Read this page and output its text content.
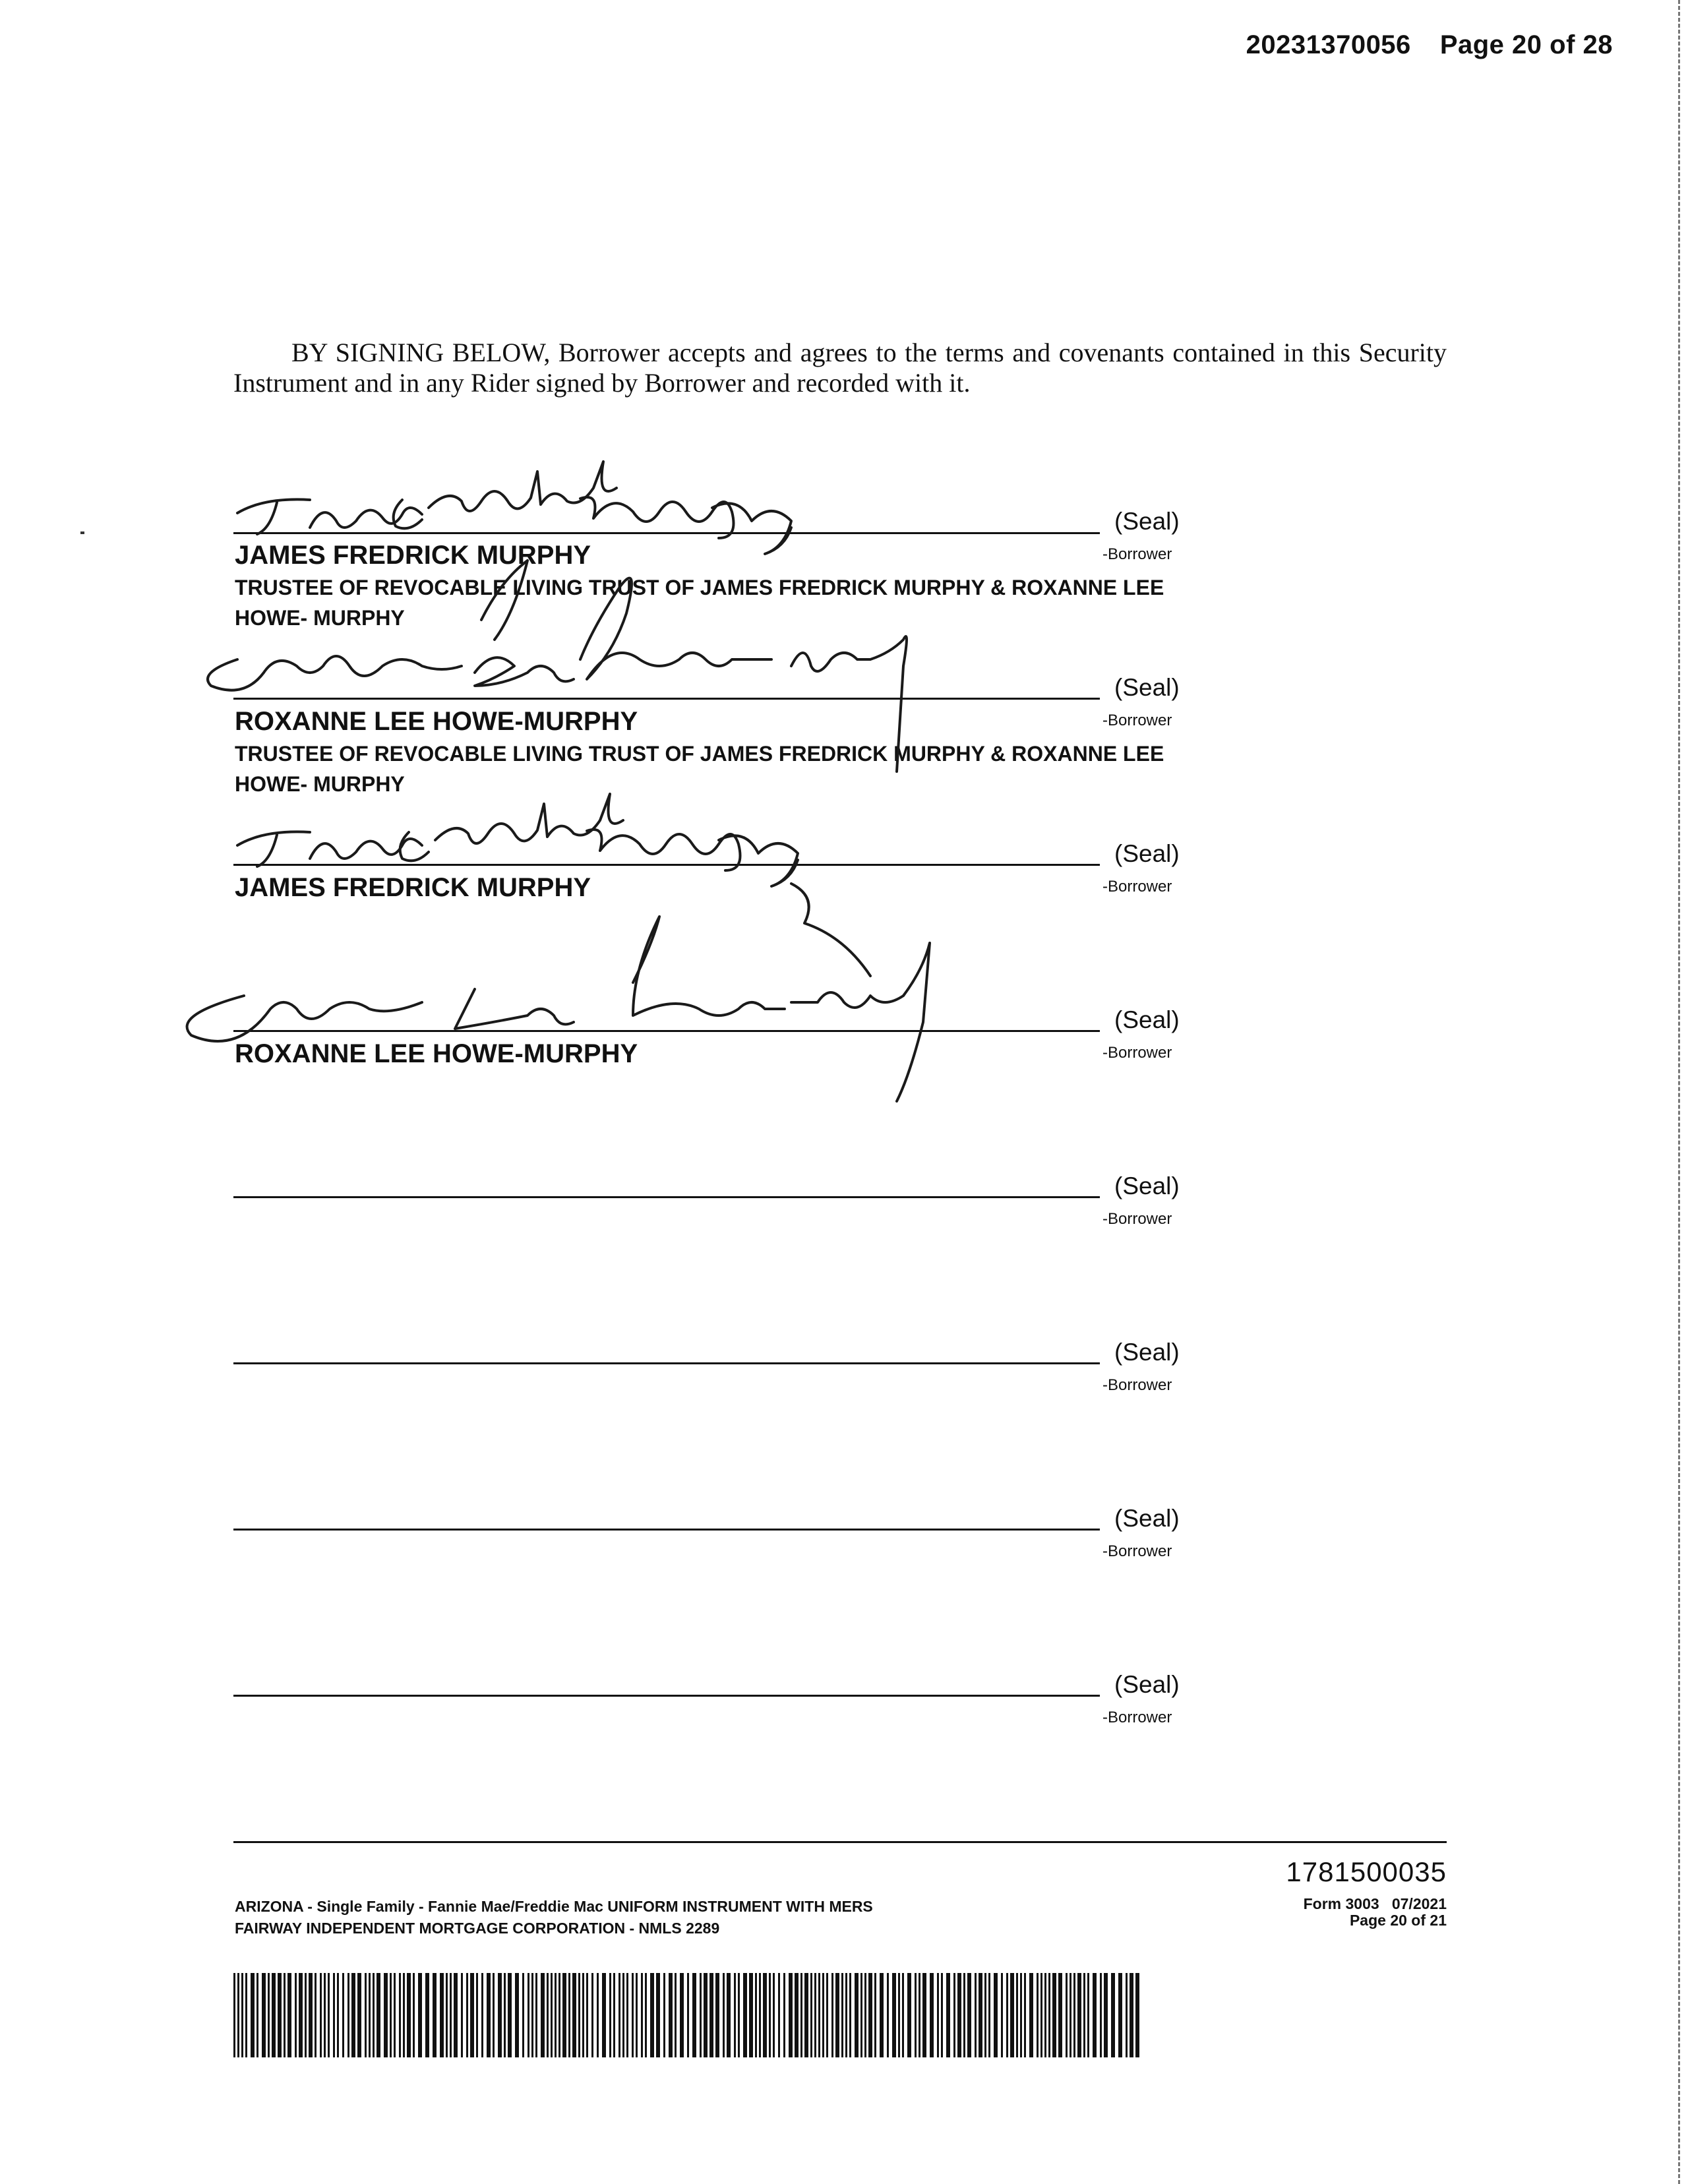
20231370056 Page 20 of 28
BY SIGNING BELOW, Borrower accepts and agrees to the terms and covenants contained in this Security Instrument and in any Rider signed by Borrower and recorded with it.
(Seal)
-Borrower
JAMES FREDRICK MURPHY
TRUSTEE OF REVOCABLE LIVING TRUST OF JAMES FREDRICK MURPHY & ROXANNE LEE HOWE- MURPHY
(Seal)
-Borrower
ROXANNE LEE HOWE-MURPHY
TRUSTEE OF REVOCABLE LIVING TRUST OF JAMES FREDRICK MURPHY & ROXANNE LEE HOWE- MURPHY
(Seal)
-Borrower
JAMES FREDRICK MURPHY
(Seal)
-Borrower
ROXANNE LEE HOWE-MURPHY
(Seal)
-Borrower
(Seal)
-Borrower
(Seal)
-Borrower
(Seal)
-Borrower
1781500035
ARIZONA - Single Family - Fannie Mae/Freddie Mac UNIFORM INSTRUMENT WITH MERS
FAIRWAY INDEPENDENT MORTGAGE CORPORATION - NMLS 2289
Form 3003   07/2021
Page 20 of 21
